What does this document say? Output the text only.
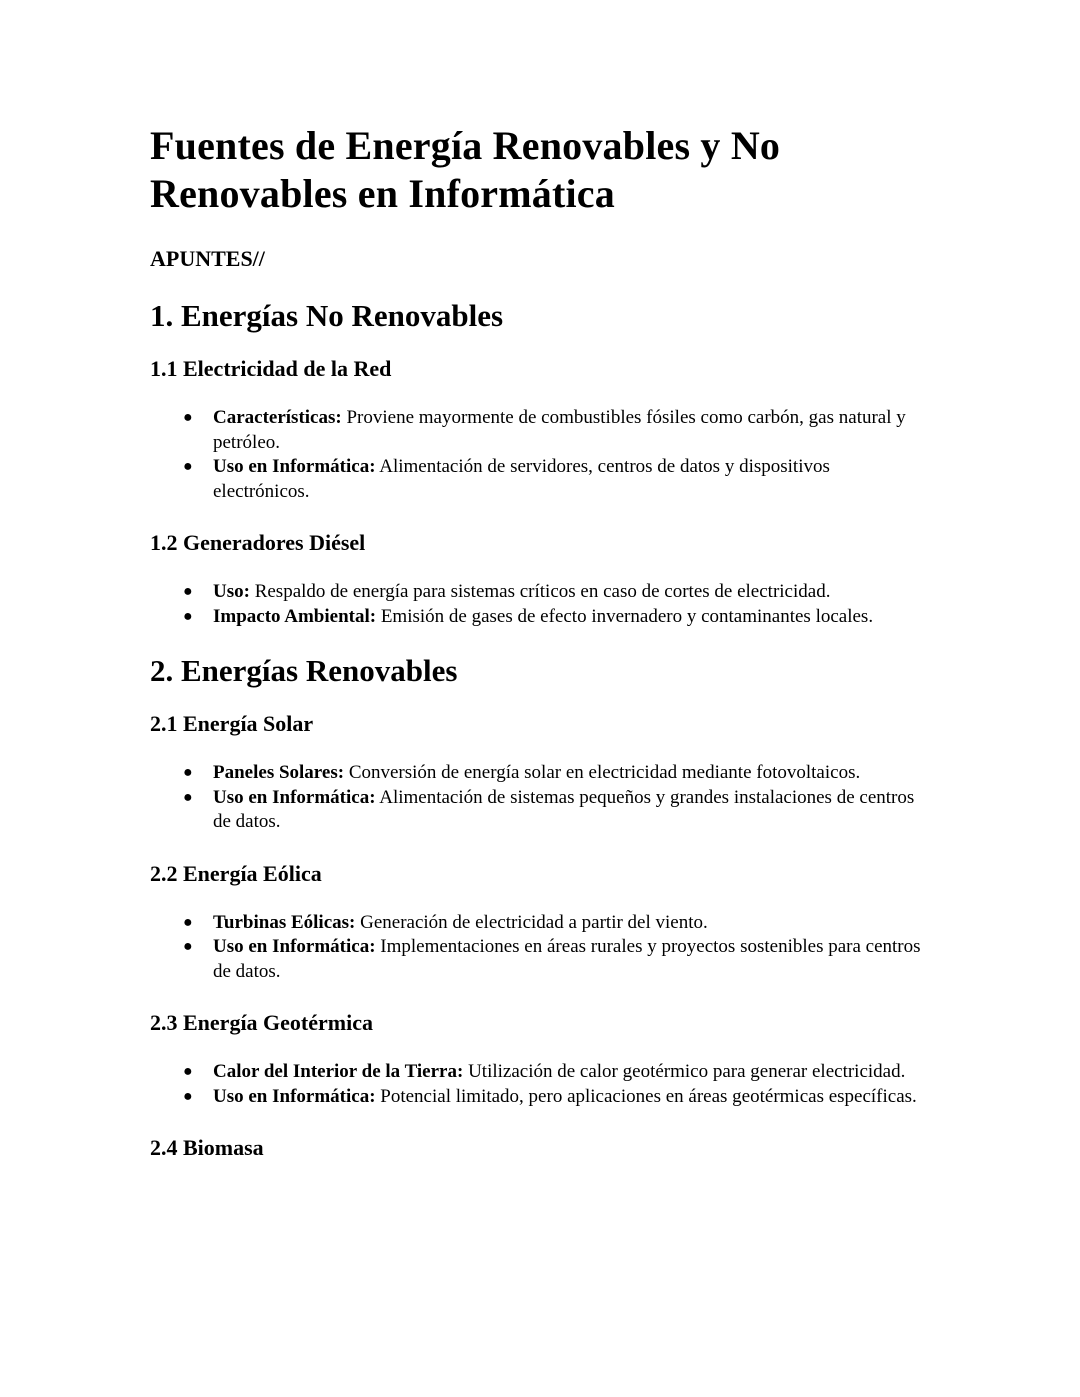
Fuentes de Energía Renovables y No Renovables en Informática

APUNTES//

1. Energías No Renovables
1.1 Electricidad de la Red
● Características: Proviene mayormente de combustibles fósiles como carbón, gas natural y petróleo.
● Uso en Informática: Alimentación de servidores, centros de datos y dispositivos electrónicos.
1.2 Generadores Diésel
● Uso: Respaldo de energía para sistemas críticos en caso de cortes de electricidad.
● Impacto Ambiental: Emisión de gases de efecto invernadero y contaminantes locales.
2. Energías Renovables
2.1 Energía Solar
● Paneles Solares: Conversión de energía solar en electricidad mediante fotovoltaicos.
● Uso en Informática: Alimentación de sistemas pequeños y grandes instalaciones de centros de datos.
2.2 Energía Eólica
● Turbinas Eólicas: Generación de electricidad a partir del viento.
● Uso en Informática: Implementaciones en áreas rurales y proyectos sostenibles para centros de datos.
2.3 Energía Geotérmica
● Calor del Interior de la Tierra: Utilización de calor geotérmico para generar electricidad.
● Uso en Informática: Potencial limitado, pero aplicaciones en áreas geotérmicas específicas.
2.4 Biomasa
